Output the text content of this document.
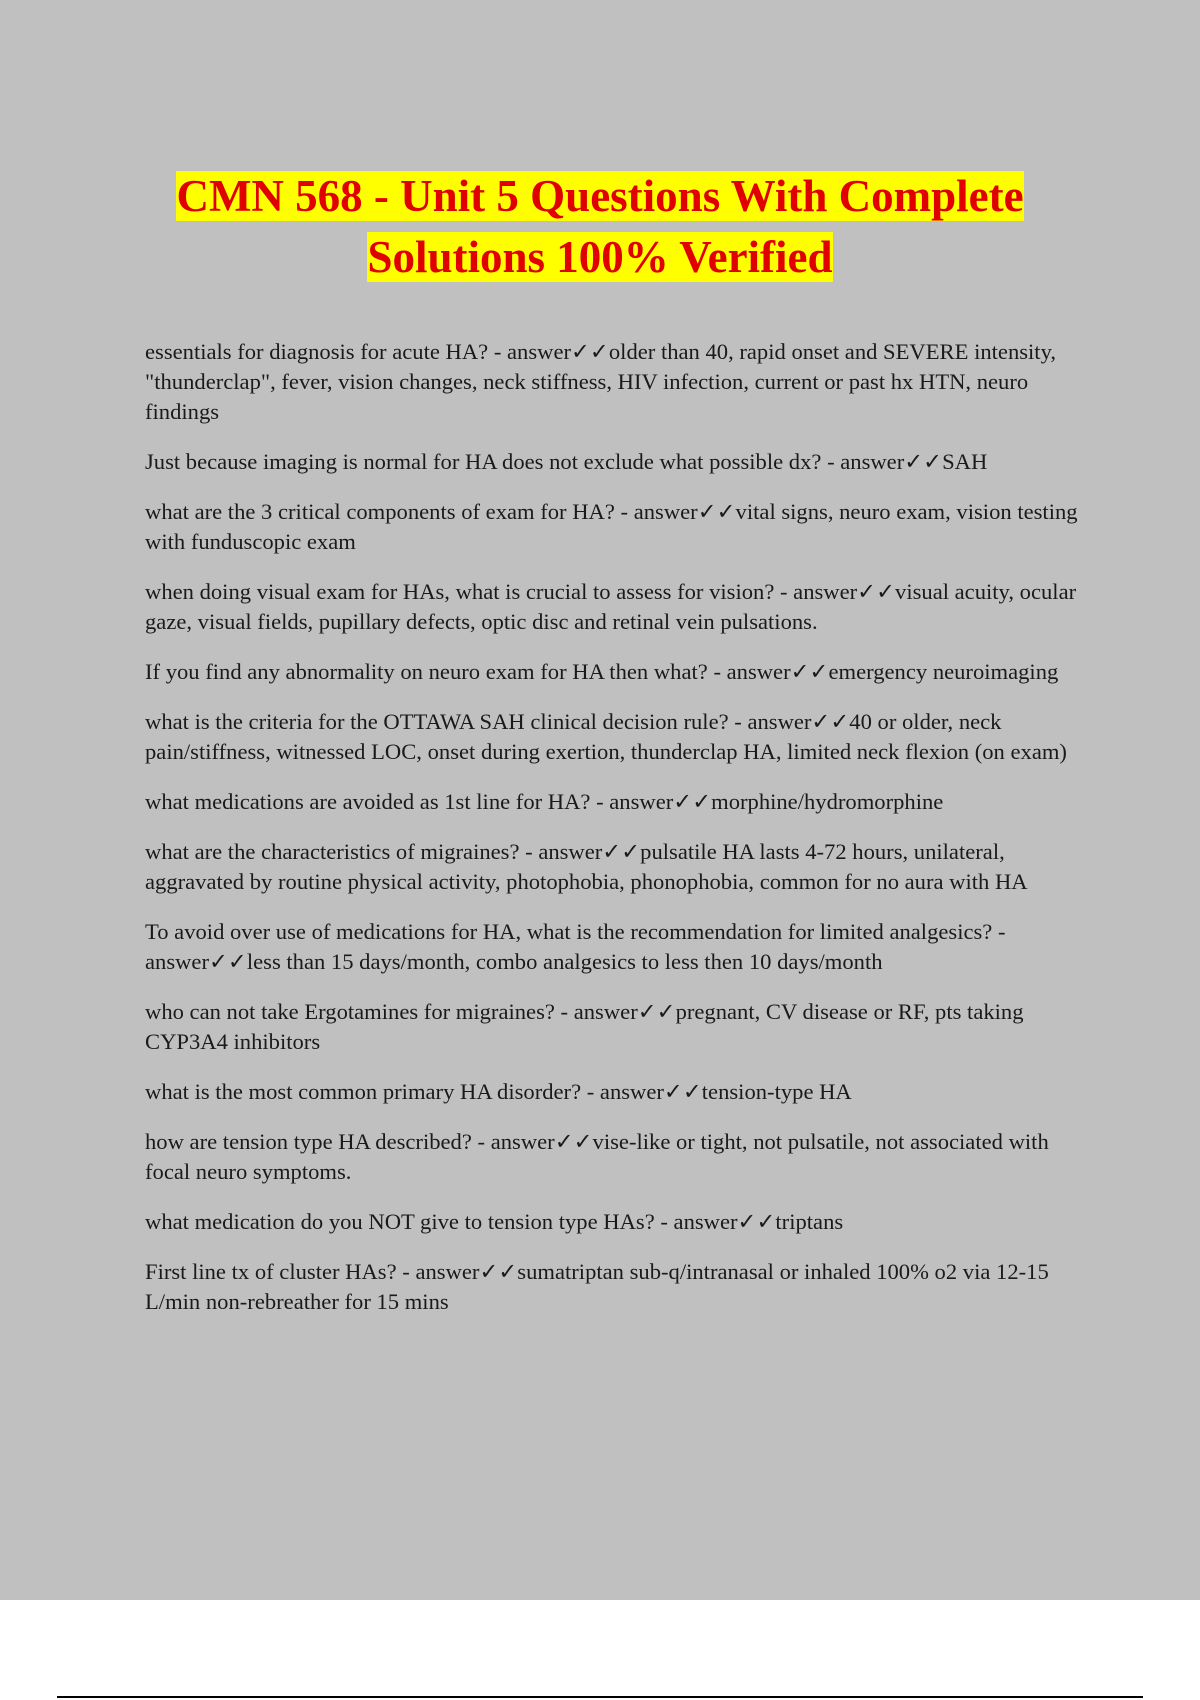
CMN 568 - Unit 5 Questions With Complete
Solutions 100% Verified

essentials for diagnosis for acute HA? - answer✓✓older than 40, rapid onset and SEVERE intensity, "thunderclap", fever, vision changes, neck stiffness, HIV infection, current or past hx HTN, neuro findings

Just because imaging is normal for HA does not exclude what possible dx? - answer✓✓SAH

what are the 3 critical components of exam for HA? - answer✓✓vital signs, neuro exam, vision testing with funduscopic exam

when doing visual exam for HAs, what is crucial to assess for vision? - answer✓✓visual acuity, ocular gaze, visual fields, pupillary defects, optic disc and retinal vein pulsations.

If you find any abnormality on neuro exam for HA then what? - answer✓✓emergency neuroimaging

what is the criteria for the OTTAWA SAH clinical decision rule? - answer✓✓40 or older, neck pain/stiffness, witnessed LOC, onset during exertion, thunderclap HA, limited neck flexion (on exam)

what medications are avoided as 1st line for HA? - answer✓✓morphine/hydromorphine

what are the characteristics of migraines? - answer✓✓pulsatile HA lasts 4-72 hours, unilateral, aggravated by routine physical activity, photophobia, phonophobia, common for no aura with HA

To avoid over use of medications for HA, what is the recommendation for limited analgesics? - answer✓✓less than 15 days/month, combo analgesics to less then 10 days/month

who can not take Ergotamines for migraines? - answer✓✓pregnant, CV disease or RF, pts taking CYP3A4 inhibitors

what is the most common primary HA disorder? - answer✓✓tension-type HA

how are tension type HA described? - answer✓✓vise-like or tight, not pulsatile, not associated with focal neuro symptoms.

what medication do you NOT give to tension type HAs? - answer✓✓triptans

First line tx of cluster HAs? - answer✓✓sumatriptan sub-q/intranasal or inhaled 100% o2 via 12-15 L/min non-rebreather for 15 mins
